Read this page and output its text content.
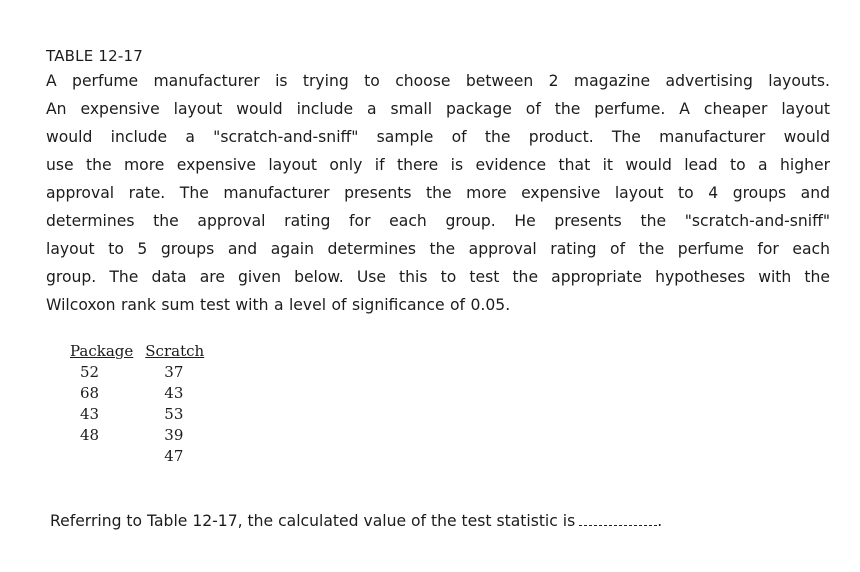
TABLE 12-17
A perfume manufacturer is trying to choose between 2 magazine advertising layouts.
An expensive layout would include a small package of the perfume. A cheaper layout
would include a "scratch-and-sniff" sample of the product. The manufacturer would
use the more expensive layout only if there is evidence that it would lead to a higher
approval rate. The manufacturer presents the more expensive layout to 4 groups and
determines the approval rating for each group. He presents the "scratch-and-sniff"
layout to 5 groups and again determines the approval rating of the perfume for each
group. The data are given below. Use this to test the appropriate hypotheses with the
Wilcoxon rank sum test with a level of significance of 0.05.
Package	Scratch
52	37
68	43
43	53
48	39
	47
Referring to Table 12-17, the calculated value of the test statistic is	.
